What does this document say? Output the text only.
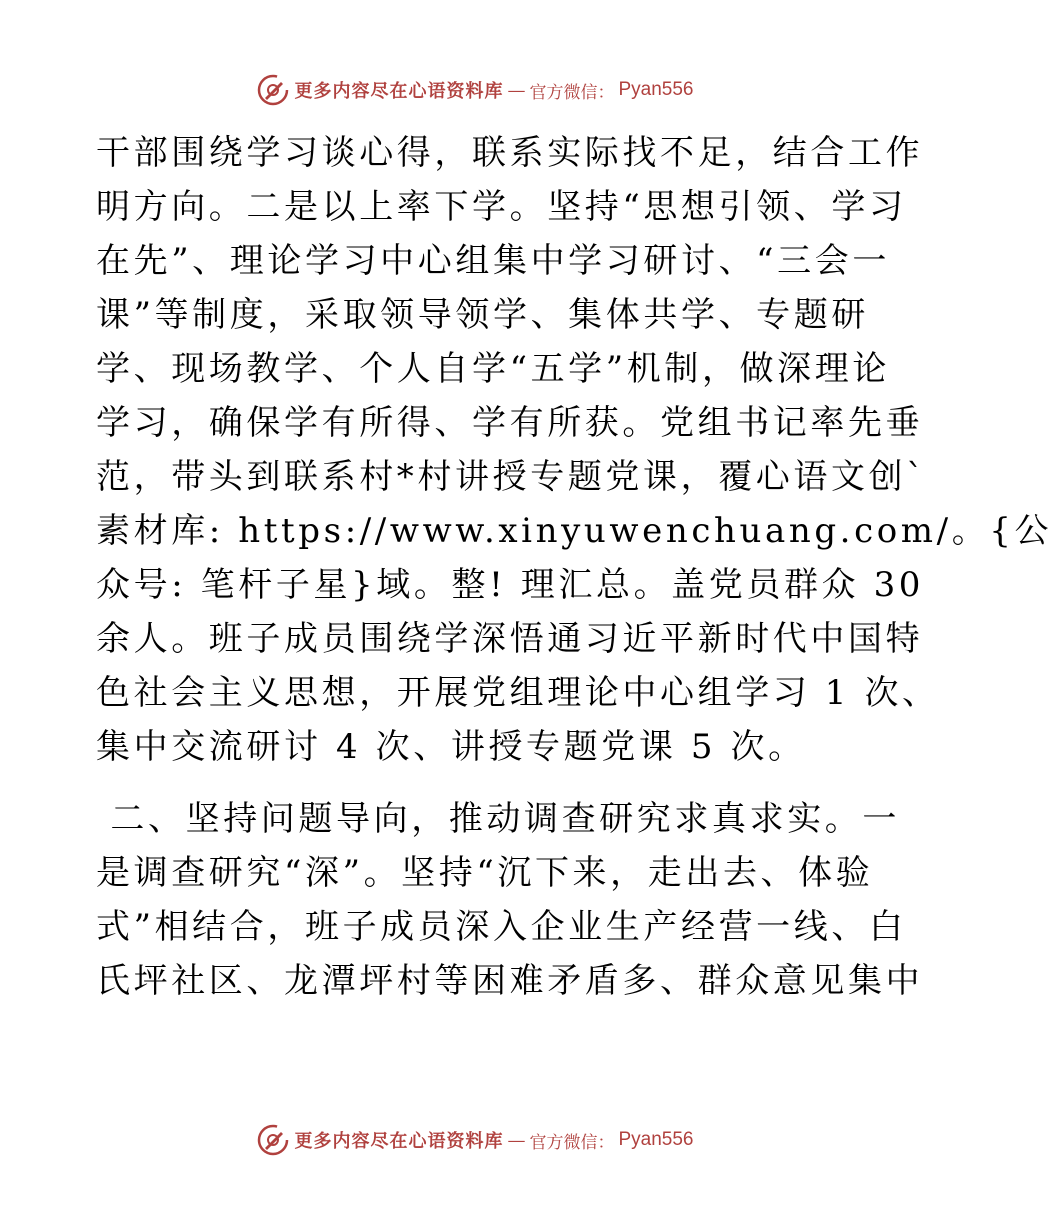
更多内容尽在心语资料库 — 官方微信： Pyan556
干部围绕学习谈心得，联系实际找不足，结合工作
明方向。二是以上率下学。坚持“思想引领、学习
在先”、理论学习中心组集中学习研讨、“三会一
课”等制度，采取领导领学、集体共学、专题研
学、现场教学、个人自学“五学”机制，做深理论
学习，确保学有所得、学有所获。党组书记率先垂
范，带头到联系村*村讲授专题党课，覆心语文创`
素材库: https://www.xinyuwenchuang.com/。{公
众号: 笔杆子星}域。整! 理汇总。盖党员群众 30
余人。班子成员围绕学深悟通习近平新时代中国特
色社会主义思想，开展党组理论中心组学习 1 次、
集中交流研讨 4 次、讲授专题党课 5 次。
二、坚持问题导向，推动调查研究求真求实。一
是调查研究“深”。坚持“沉下来，走出去、体验
式”相结合，班子成员深入企业生产经营一线、白
氏坪社区、龙潭坪村等困难矛盾多、群众意见集中
更多内容尽在心语资料库 — 官方微信： Pyan556
